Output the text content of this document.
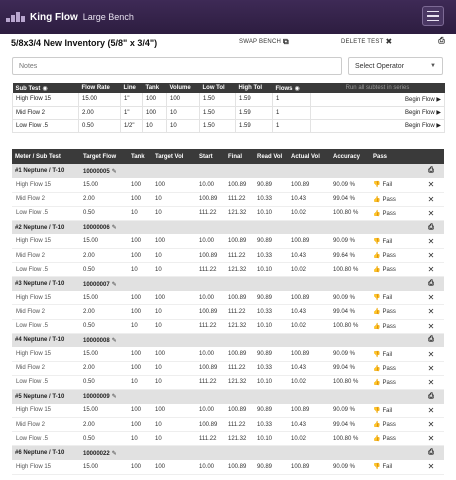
King Flow Large Bench
5/8x3/4 New Inventory (5/8" x 3/4")	SWAP BENCH ⧉	DELETE TEST ✖	⎙
Notes
Select Operator	▼
Sub Test ◉	Flow Rate	Line	Tank	Volume	Low Tol	High Tol	Flows ◉	Run all subtest in series
High Flow 15	15.00	1"	100	100	1.50	1.59	1	Begin Flow ▶
Mid Flow 2	2.00	1"	100	10	1.50	1.59	1	Begin Flow ▶
Low Flow .5	0.50	1/2"	10	10	1.50	1.59	1	Begin Flow ▶
Meter / Sub Test	Target Flow	Tank	Target Vol	Start	Final	Read Vol	Actual Vol	Accuracy	Pass	
#1 Neptune / T-10	10000005 ✎									⎙
High Flow 15	15.00	100	100	10.00	100.89	90.89	100.89	90.09 %	👎 Fail	✕
Mid Flow 2	2.00	100	10	100.89	111.22	10.33	10.43	99.04 %	👍 Pass	✕
Low Flow .5	0.50	10	10	111.22	121.32	10.10	10.02	100.80 %	👍 Pass	✕
#2 Neptune / T-10	10000006 ✎									⎙
High Flow 15	15.00	100	100	10.00	100.89	90.89	100.89	90.09 %	👎 Fail	✕
Mid Flow 2	2.00	100	10	100.89	111.22	10.33	10.43	99.64 %	👍 Pass	✕
Low Flow .5	0.50	10	10	111.22	121.32	10.10	10.02	100.80 %	👍 Pass	✕
#3 Neptune / T-10	10000007 ✎									⎙
High Flow 15	15.00	100	100	10.00	100.89	90.89	100.89	90.09 %	👎 Fail	✕
Mid Flow 2	2.00	100	10	100.89	111.22	10.33	10.43	99.04 %	👍 Pass	✕
Low Flow .5	0.50	10	10	111.22	121.32	10.10	10.02	100.80 %	👍 Pass	✕
#4 Neptune / T-10	10000008 ✎									⎙
High Flow 15	15.00	100	100	10.00	100.89	90.89	100.89	90.09 %	👎 Fail	✕
Mid Flow 2	2.00	100	10	100.89	111.22	10.33	10.43	99.04 %	👍 Pass	✕
Low Flow .5	0.50	10	10	111.22	121.32	10.10	10.02	100.80 %	👍 Pass	✕
#5 Neptune / T-10	10000009 ✎									⎙
High Flow 15	15.00	100	100	10.00	100.89	90.89	100.89	90.09 %	👎 Fail	✕
Mid Flow 2	2.00	100	10	100.89	111.22	10.33	10.43	99.04 %	👍 Pass	✕
Low Flow .5	0.50	10	10	111.22	121.32	10.10	10.02	100.80 %	👍 Pass	✕
#6 Neptune / T-10	10000022 ✎									⎙
High Flow 15	15.00	100	100	10.00	100.89	90.89	100.89	90.09 %	👎 Fail	✕
